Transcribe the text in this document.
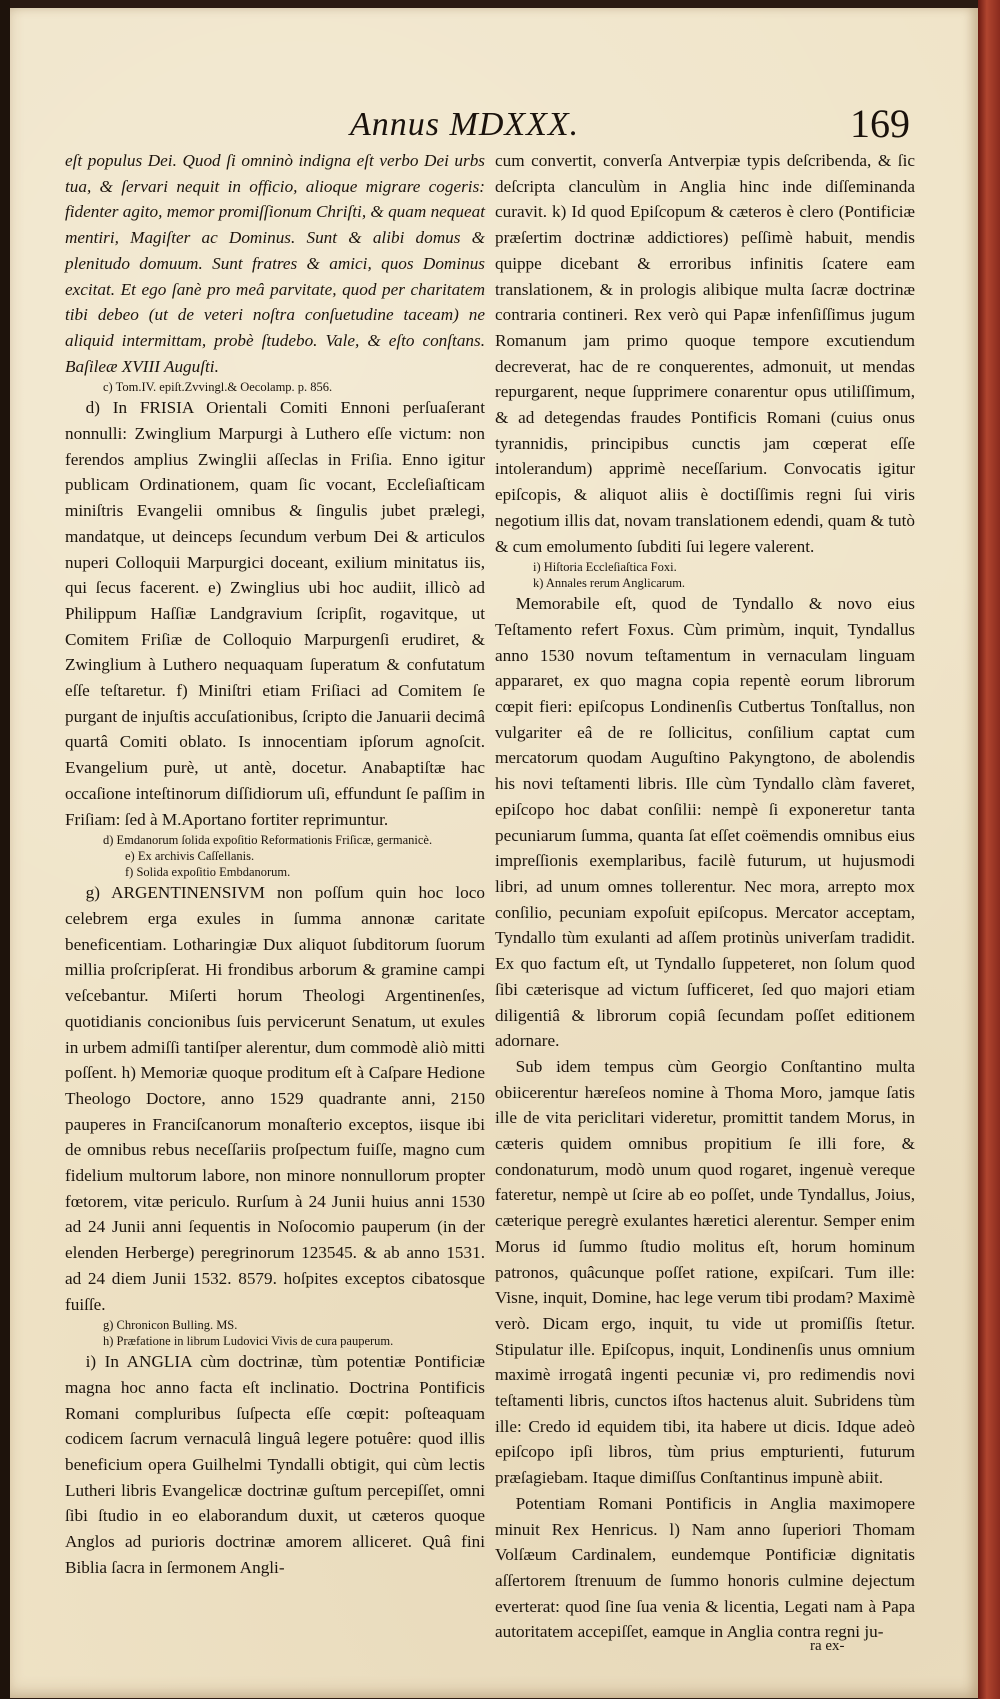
Annus MDXXX.	169

eſt populus Dei. Quod ſi omninò indigna eſt verbo Dei urbs tua, & ſervari nequit in officio, alioque migrare cogeris: fidenter agito, memor promiſſionum Chriſti, & quam nequeat mentiri, Magiſter ac Dominus. Sunt & alibi domus & plenitudo domuum. Sunt fratres & amici, quos Dominus excitat. Et ego ſanè pro meâ parvitate, quod per charitatem tibi debeo (ut de veteri noſtra conſuetudine taceam) ne aliquid intermittam, probè ſtudebo. Vale, & eſto conſtans. Baſileæ XVIII Auguſti.

c) Tom.IV. epiſt.Zvvingl.& Oecolamp. p. 856.

d) In FRISIA Orientali Comiti Ennoni perſuaſerant nonnulli: Zwinglium Marpurgi à Luthero eſſe victum: non ferendos amplius Zwinglii aſſeclas in Friſia. Enno igitur publicam Ordinationem, quam ſic vocant, Eccleſiaſticam miniſtris Evangelii omnibus & ſingulis jubet prælegi, mandatque, ut deinceps ſecundum verbum Dei & articulos nuperi Colloquii Marpurgici doceant, exilium minitatus iis, qui ſecus facerent. e) Zwinglius ubi hoc audiit, illicò ad Philippum Haſſiæ Landgravium ſcripſit, rogavitque, ut Comitem Friſiæ de Colloquio Marpurgenſi erudiret, & Zwinglium à Luthero nequaquam ſuperatum & confutatum eſſe teſtaretur. f) Miniſtri etiam Friſiaci ad Comitem ſe purgant de injuſtis accuſationibus, ſcripto die Januarii decimâ quartâ Comiti oblato. Is innocentiam ipſorum agnoſcit. Evangelium purè, ut antè, docetur. Anabaptiſtæ hac occaſione inteſtinorum diſſidiorum uſi, effundunt ſe paſſim in Friſiam: ſed à M.Aportano fortiter reprimuntur.

d) Emdanorum ſolida expoſitio Reformationis Friſicæ, germanicè.

e) Ex archivis Caſſellanis.

f) Solida expoſitio Embdanorum.

g) ARGENTINENSIVM non poſſum quin hoc loco celebrem erga exules in ſumma annonæ caritate beneficentiam. Lotharingiæ Dux aliquot ſubditorum ſuorum millia proſcripſerat. Hi frondibus arborum & gramine campi veſcebantur. Miſerti horum Theologi Argentinenſes, quotidianis concionibus ſuis pervicerunt Senatum, ut exules in urbem admiſſi tantiſper alerentur, dum commodè aliò mitti poſſent. h) Memoriæ quoque proditum eſt à Caſpare Hedione Theologo Doctore, anno 1529 quadrante anni, 2150 pauperes in Franciſcanorum monaſterio exceptos, iisque ibi de omnibus rebus neceſſariis proſpectum fuiſſe, magno cum fidelium multorum labore, non minore nonnullorum propter fœtorem, vitæ periculo. Rurſum à 24 Junii huius anni 1530 ad 24 Junii anni ſequentis in Noſocomio pauperum (in der elenden Herberge) peregrinorum 123545. & ab anno 1531. ad 24 diem Junii 1532. 8579. hoſpites exceptos cibatosque fuiſſe.

g) Chronicon Bulling. MS.

h) Præfatione in librum Ludovici Vivis de cura pauperum.

i) In ANGLIA cùm doctrinæ, tùm potentiæ Pontificiæ magna hoc anno facta eſt inclinatio. Doctrina Pontificis Romani compluribus ſuſpecta eſſe cœpit: poſteaquam codicem ſacrum vernaculâ linguâ legere potuêre: quod illis beneficium opera Guilhelmi Tyndalli obtigit, qui cùm lectis Lutheri libris Evangelicæ doctrinæ guſtum percepiſſet, omni ſibi ſtudio in eo elaborandum duxit, ut cæteros quoque Anglos ad purioris doctrinæ amorem alliceret. Quâ fini Biblia ſacra in ſermonem Angli-

cum convertit, converſa Antverpiæ typis deſcribenda, & ſic deſcripta clanculùm in Anglia hinc inde diſſeminanda curavit. k) Id quod Epiſcopum & cæteros è clero (Pontificiæ præſertim doctrinæ addictiores) peſſimè habuit, mendis quippe dicebant & erroribus infinitis ſcatere eam translationem, & in prologis alibique multa ſacræ doctrinæ contraria contineri. Rex verò qui Papæ infenſiſſimus jugum Romanum jam primo quoque tempore excutiendum decreverat, hac de re conquerentes, admonuit, ut mendas repurgarent, neque ſupprimere conarentur opus utiliſſimum, & ad detegendas fraudes Pontificis Romani (cuius onus tyrannidis, principibus cunctis jam cœperat eſſe intolerandum) apprimè neceſſarium. Convocatis igitur epiſcopis, & aliquot aliis è doctiſſimis regni ſui viris negotium illis dat, novam translationem edendi, quam & tutò & cum emolumento ſubditi ſui legere valerent.

i) Hiſtoria Eccleſiaſtica Foxi.

k) Annales rerum Anglicarum.

Memorabile eſt, quod de Tyndallo & novo eius Teſtamento refert Foxus. Cùm primùm, inquit, Tyndallus anno 1530 novum teſtamentum in vernaculam linguam appararet, ex quo magna copia repentè eorum librorum cœpit fieri: epiſcopus Londinenſis Cutbertus Tonſtallus, non vulgariter eâ de re ſollicitus, conſilium captat cum mercatorum quodam Auguſtino Pakyngtono, de abolendis his novi teſtamenti libris. Ille cùm Tyndallo clàm faveret, epiſcopo hoc dabat conſilii: nempè ſi exponeretur tanta pecuniarum ſumma, quanta ſat eſſet coëmendis omnibus eius impreſſionis exemplaribus, facilè futurum, ut hujusmodi libri, ad unum omnes tollerentur. Nec mora, arrepto mox conſilio, pecuniam expoſuit epiſcopus. Mercator acceptam, Tyndallo tùm exulanti ad aſſem protinùs univerſam tradidit. Ex quo factum eſt, ut Tyndallo ſuppeteret, non ſolum quod ſibi cæterisque ad victum ſufficeret, ſed quo majori etiam diligentiâ & librorum copiâ ſecundam poſſet editionem adornare.

Sub idem tempus cùm Georgio Conſtantino multa obiicerentur hæreſeos nomine à Thoma Moro, jamque ſatis ille de vita periclitari videretur, promittit tandem Morus, in cæteris quidem omnibus propitium ſe illi fore, & condonaturum, modò unum quod rogaret, ingenuè vereque fateretur, nempè ut ſcire ab eo poſſet, unde Tyndallus, Joius, cæterique peregrè exulantes hæretici alerentur. Semper enim Morus id ſummo ſtudio molitus eſt, horum hominum patronos, quâcunque poſſet ratione, expiſcari. Tum ille: Visne, inquit, Domine, hac lege verum tibi prodam? Maximè verò. Dicam ergo, inquit, tu vide ut promiſſis ſtetur. Stipulatur ille. Epiſcopus, inquit, Londinenſis unus omnium maximè irrogatâ ingenti pecuniæ vi, pro redimendis novi teſtamenti libris, cunctos iſtos hactenus aluit. Subridens tùm ille: Credo id equidem tibi, ita habere ut dicis. Idque adeò epiſcopo ipſi libros, tùm prius empturienti, futurum præſagiebam. Itaque dimiſſus Conſtantinus impunè abiit.

Potentiam Romani Pontificis in Anglia maximopere minuit Rex Henricus. l) Nam anno ſuperiori Thomam Volſæum Cardinalem, eundemque Pontificiæ dignitatis aſſertorem ſtrenuum de ſummo honoris culmine dejectum everterat: quod ſine ſua venia & licentia, Legati nam à Papa autoritatem accepiſſet, eamque in Anglia contra regni ju-

ra ex-
